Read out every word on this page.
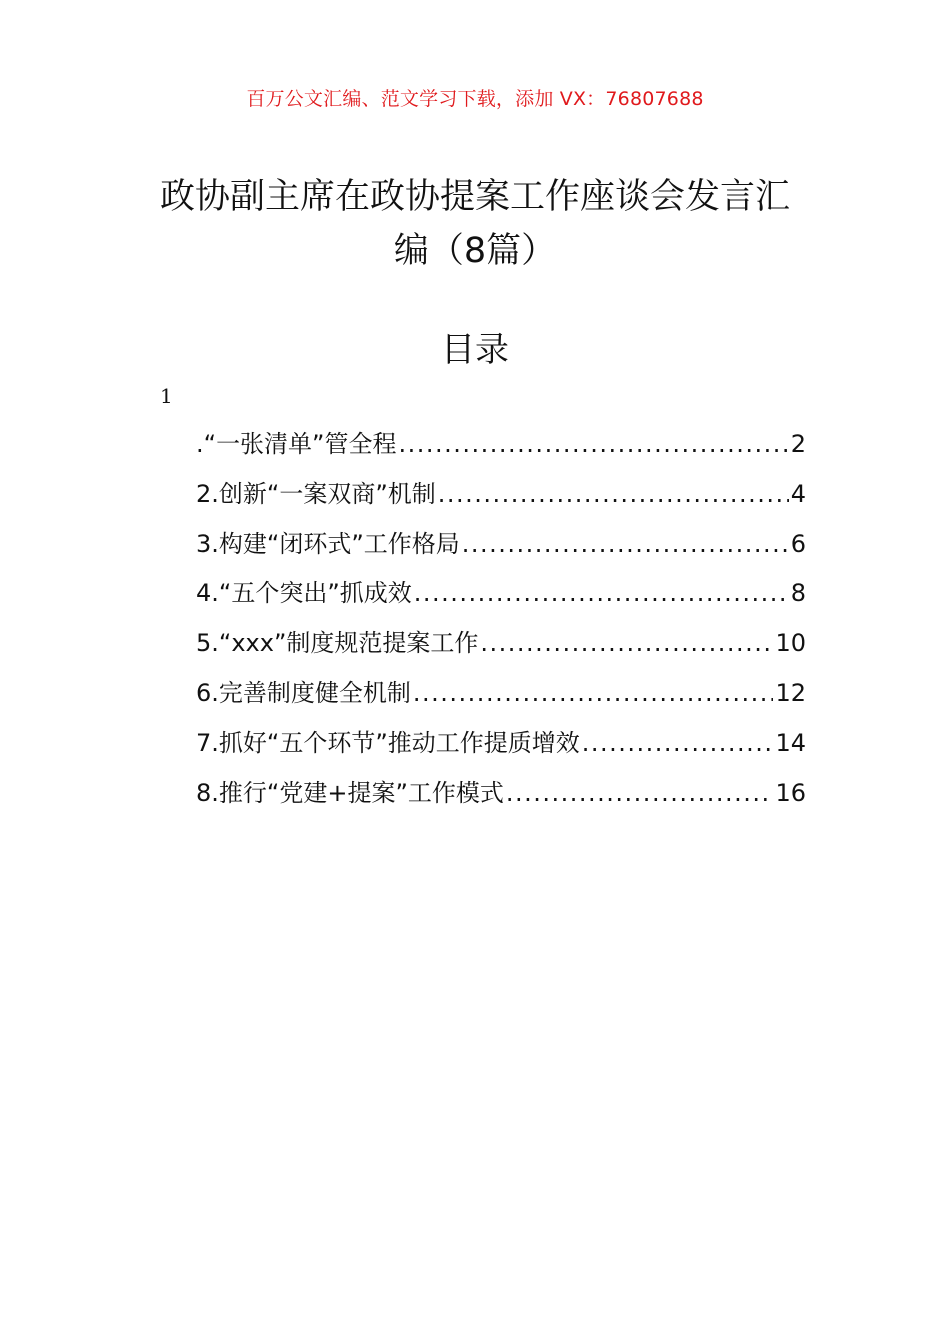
百万公文汇编、范文学习下载，添加 VX：76807688
政协副主席在政协提案工作座谈会发言汇编（8篇）
目录
1
.“一张清单”管全程 .....	2
2.创新“一案双商”机制 .....	4
3.构建“闭环式”工作格局 .....	6
4.“五个突出”抓成效 .....	8
5.“xxx”制度规范提案工作 .....	10
6.完善制度健全机制 .....	12
7.抓好“五个环节”推动工作提质增效 .....	14
8.推行“党建+提案”工作模式 .....	16
